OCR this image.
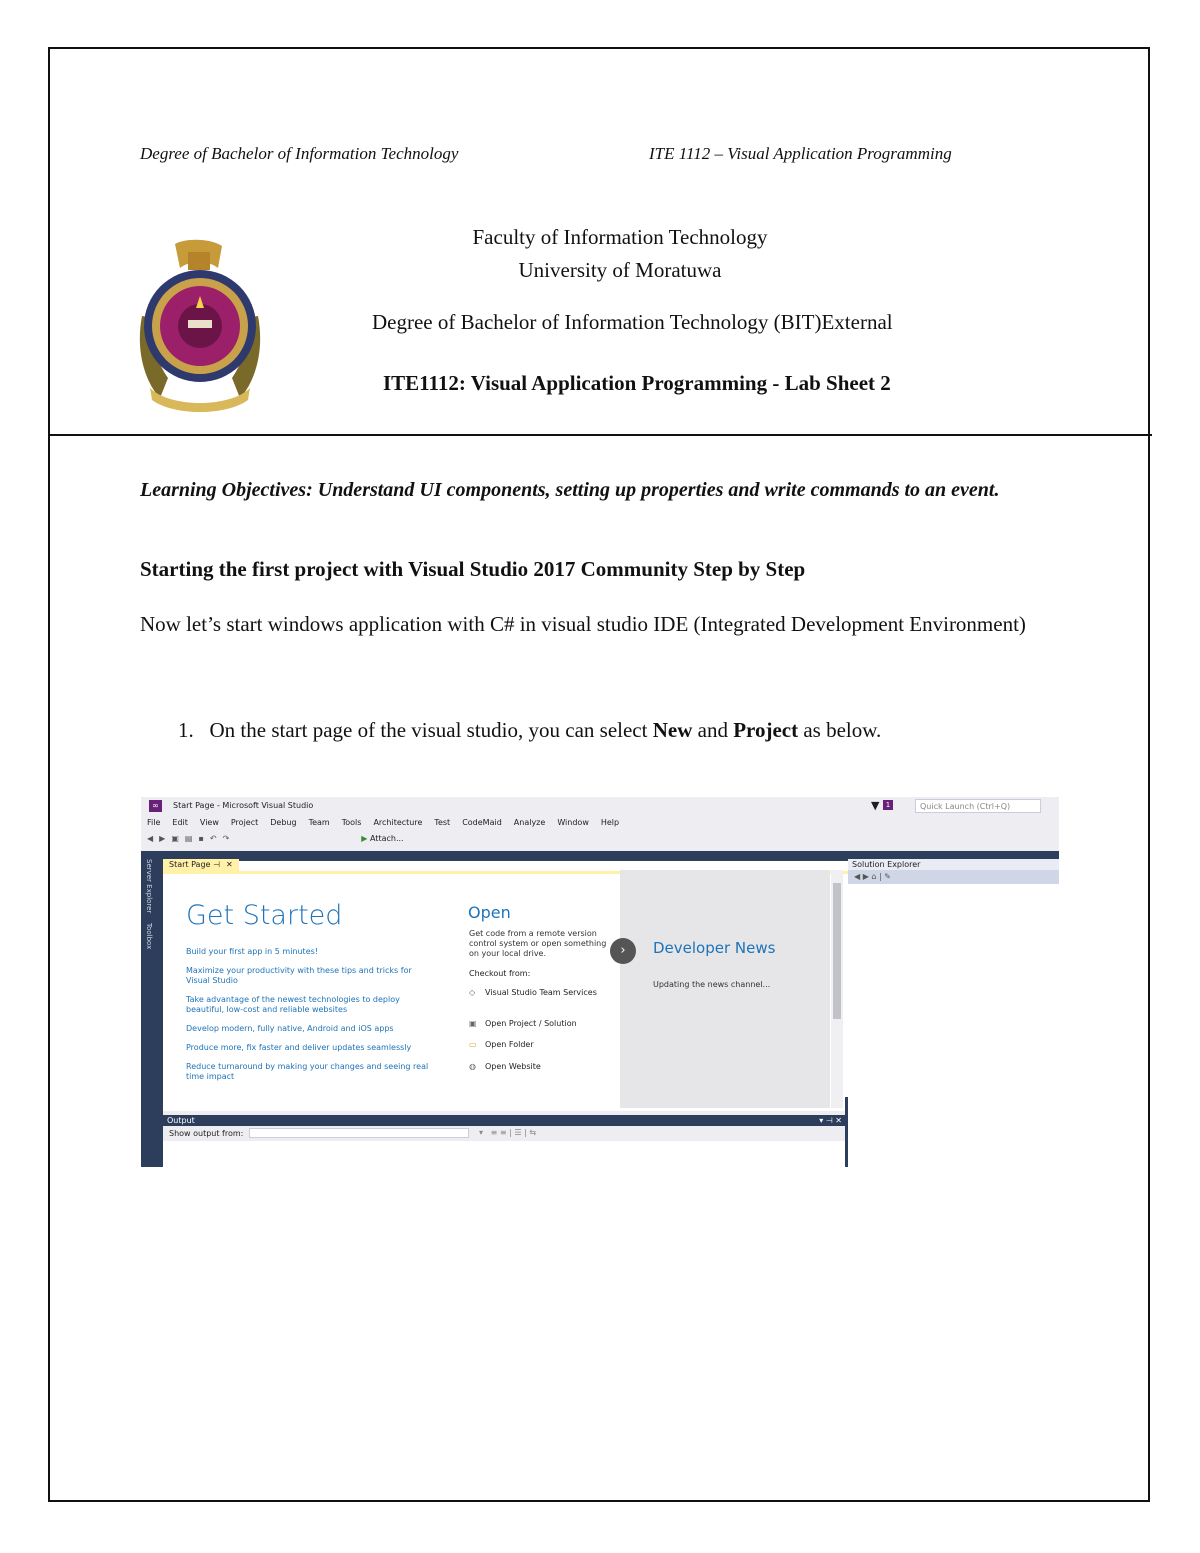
Degree of Bachelor of Information Technology	ITE 1112 – Visual Application Programming
Faculty of Information Technology
University of Moratuwa
Degree of Bachelor of Information Technology (BIT)External
ITE1112: Visual Application Programming - Lab Sheet 2
Learning Objectives: Understand UI components, setting up properties and write commands to an event.
Starting the first project with Visual Studio 2017 Community Step by Step
Now let’s start windows application with C# in visual studio IDE (Integrated Development Environment)
1. On the start page of the visual studio, you can select New and Project as below.
∞	Start Page - Microsoft Visual Studio	▼ 1	Quick Launch (Ctrl+Q)
File Edit View Project Debug Team Tools Architecture Test CodeMaid Analyze Window Help
◀ ▶ ▣ ▤ ▪ ↶ ↷	▶ Attach...
Server Explorer
Toolbox
Start Page ⊣ ✕
Get Started
Build your first app in 5 minutes!
Maximize your productivity with these tips and tricks for Visual Studio
Take advantage of the newest technologies to deploy beautiful, low-cost and reliable websites
Develop modern, fully native, Android and iOS apps
Produce more, fix faster and deliver updates seamlessly
Reduce turnaround by making your changes and seeing real time impact
Open
Get code from a remote version control system or open something on your local drive.
Checkout from:
◇ Visual Studio Team Services
▣ Open Project / Solution
▭ Open Folder
◍ Open Website
›	Developer News
Updating the news channel...
Solution Explorer
◀ ▶ ⌂ | ✎
Output	▾ ⊣ ✕
Show output from:	▾   ≡ ≡ | ☰ | ⇆
